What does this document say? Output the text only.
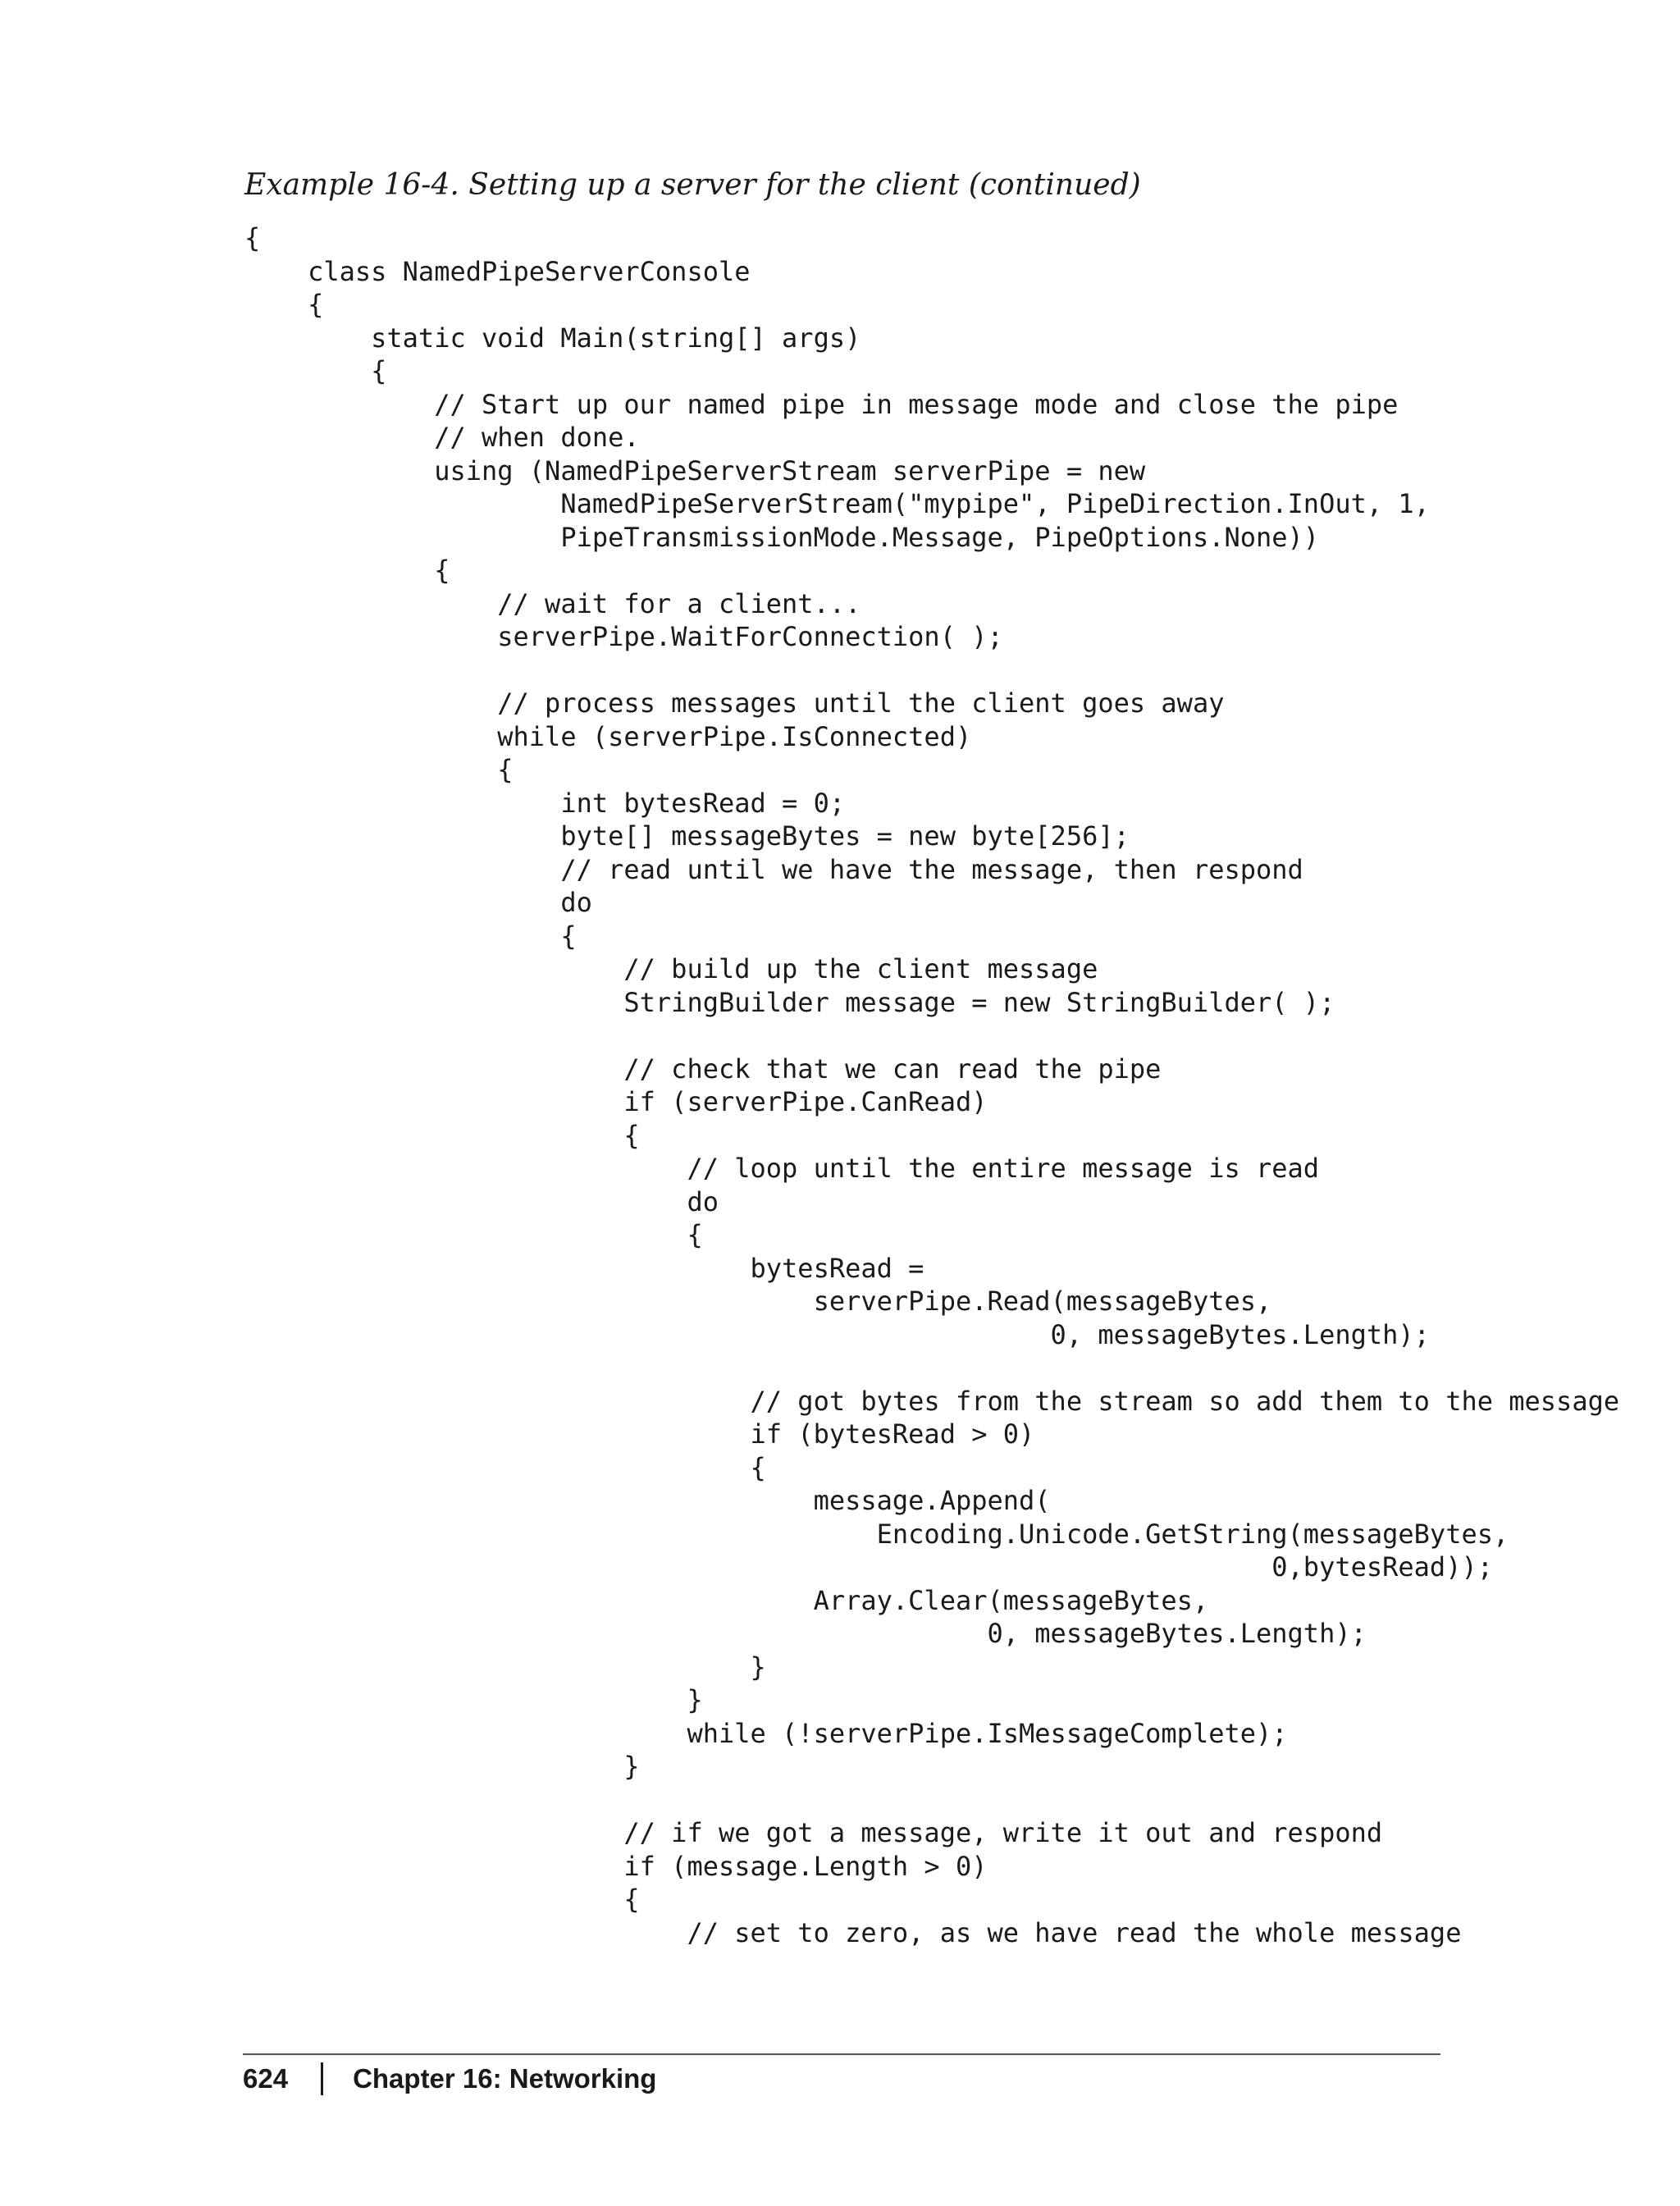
Example 16-4. Setting up a server for the client (continued)
{
class NamedPipeServerConsole
{
static void Main(string[] args)
{
// Start up our named pipe in message mode and close the pipe
// when done.
using (NamedPipeServerStream serverPipe = new
NamedPipeServerStream("mypipe", PipeDirection.InOut, 1,
PipeTransmissionMode.Message, PipeOptions.None))
{
// wait for a client...
serverPipe.WaitForConnection( );
// process messages until the client goes away
while (serverPipe.IsConnected)
{
int bytesRead = 0;
byte[] messageBytes = new byte[256];
// read until we have the message, then respond
do
{
// build up the client message
StringBuilder message = new StringBuilder( );
// check that we can read the pipe
if (serverPipe.CanRead)
{
// loop until the entire message is read
do
{
bytesRead =
serverPipe.Read(messageBytes,
0, messageBytes.Length);
// got bytes from the stream so add them to the message
if (bytesRead > 0)
{
message.Append(
Encoding.Unicode.GetString(messageBytes,
0,bytesRead));
Array.Clear(messageBytes,
0, messageBytes.Length);
}
}
while (!serverPipe.IsMessageComplete);
}
// if we got a message, write it out and respond
if (message.Length > 0)
{
// set to zero, as we have read the whole message
624 Chapter 16: Networking
